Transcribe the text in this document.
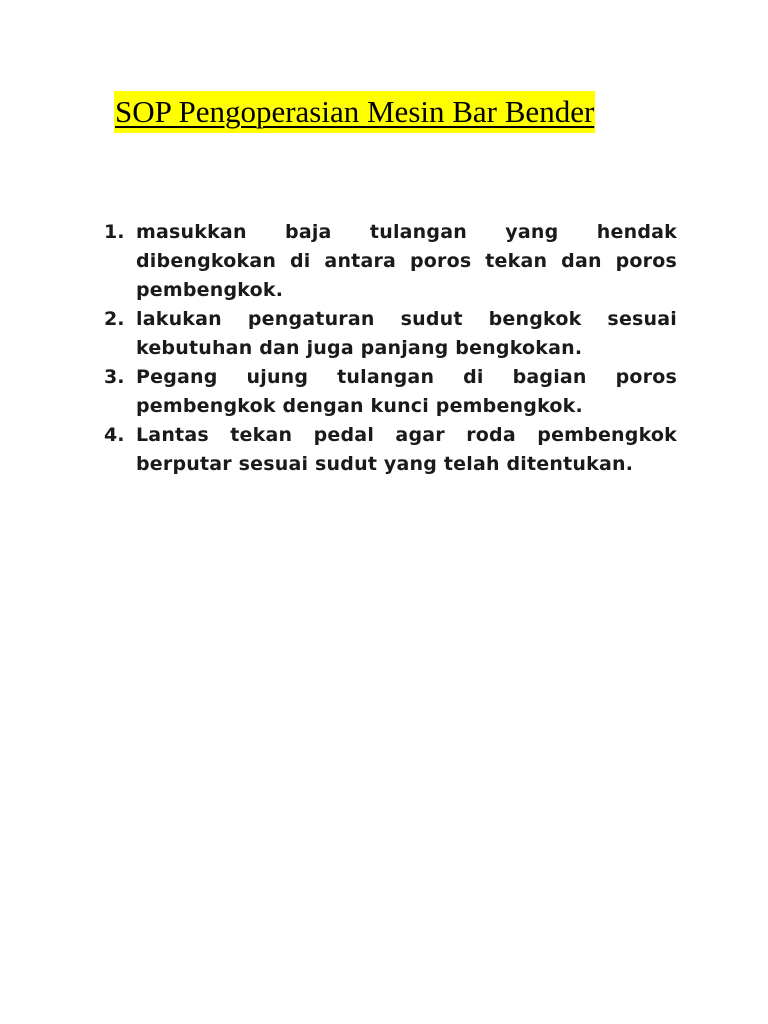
SOP Pengoperasian Mesin Bar Bender
1. masukkan baja tulangan yang hendak dibengkokan di antara poros tekan dan poros pembengkok.
2. lakukan pengaturan sudut bengkok sesuai kebutuhan dan juga panjang bengkokan.
3. Pegang ujung tulangan di bagian poros pembengkok dengan kunci pembengkok.
4. Lantas tekan pedal agar roda pembengkok berputar sesuai sudut yang telah ditentukan.
